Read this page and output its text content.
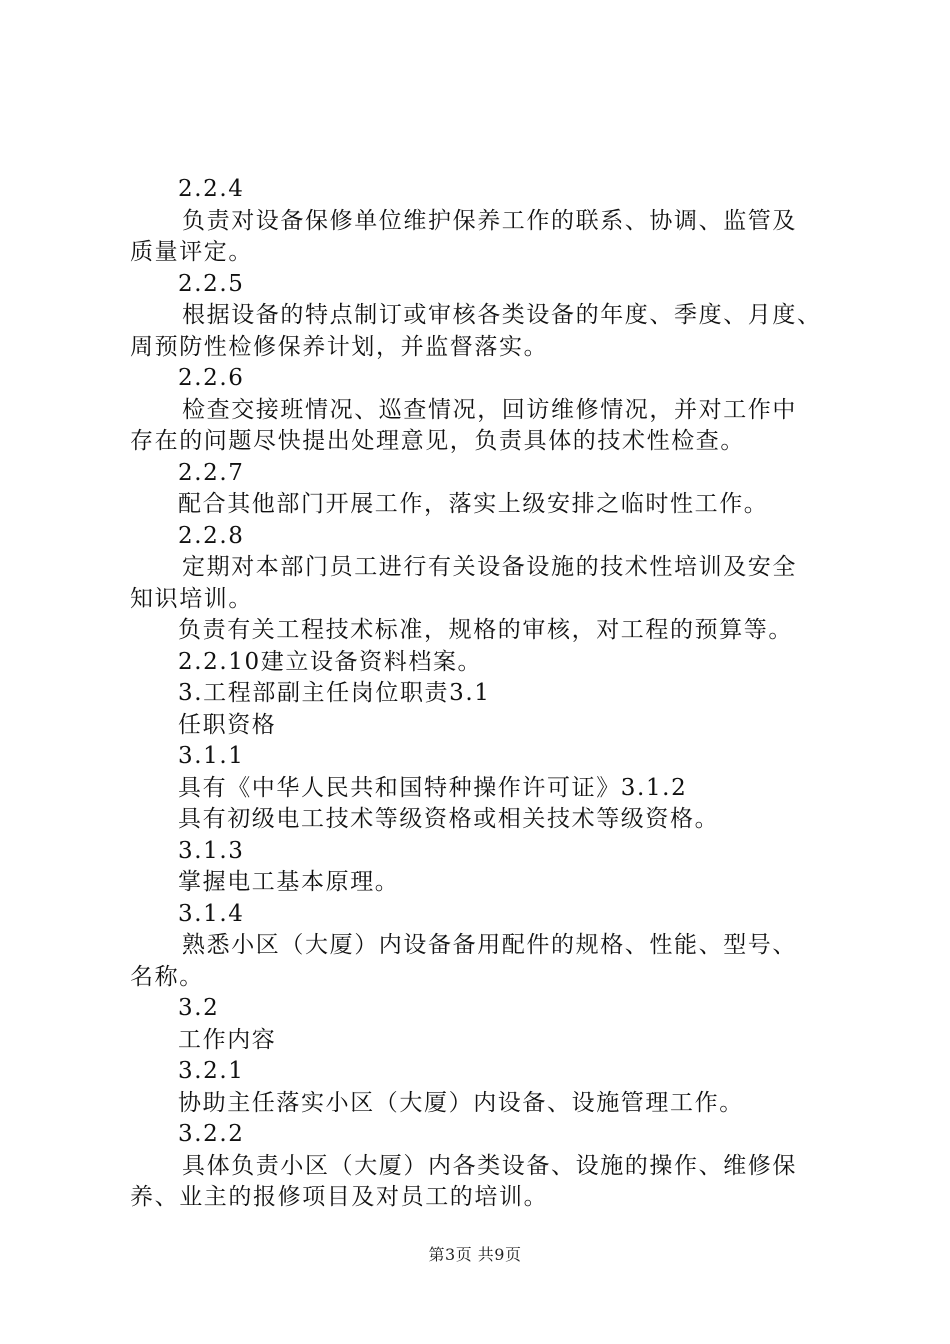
2.2.4
负责对设备保修单位维护保养工作的联系、协调、监管及
质量评定。
2.2.5
根据设备的特点制订或审核各类设备的年度、季度、月度、
周预防性检修保养计划，并监督落实。
2.2.6
检查交接班情况、巡查情况，回访维修情况，并对工作中
存在的问题尽快提出处理意见，负责具体的技术性检查。
2.2.7
配合其他部门开展工作，落实上级安排之临时性工作。
2.2.8
定期对本部门员工进行有关设备设施的技术性培训及安全
知识培训。
负责有关工程技术标准，规格的审核，对工程的预算等。
2.2.10建立设备资料档案。
3.工程部副主任岗位职责3.1
任职资格
3.1.1
具有《中华人民共和国特种操作许可证》3.1.2
具有初级电工技术等级资格或相关技术等级资格。
3.1.3
掌握电工基本原理。
3.1.4
熟悉小区（大厦）内设备备用配件的规格、性能、型号、
名称。
3.2
工作内容
3.2.1
协助主任落实小区（大厦）内设备、设施管理工作。
3.2.2
具体负责小区（大厦）内各类设备、设施的操作、维修保
养、业主的报修项目及对员工的培训。
第3页 共9页
